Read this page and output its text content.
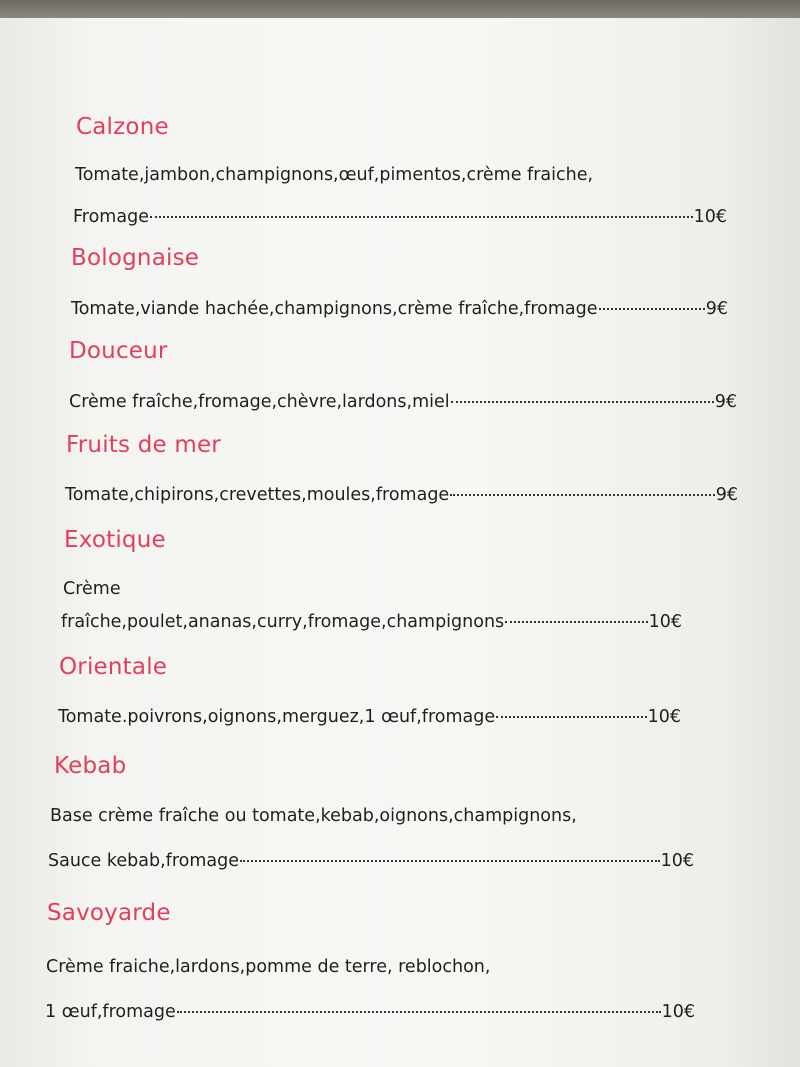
Calzone
Tomate,jambon,champignons,œuf,pimentos,crème fraiche,
Fromage	10€
Bolognaise
Tomate,viande hachée,champignons,crème fraîche,fromage	9€
Douceur
Crème fraîche,fromage,chèvre,lardons,miel	9€
Fruits de mer
Tomate,chipirons,crevettes,moules,fromage	9€
Exotique
Crème
fraîche,poulet,ananas,curry,fromage,champignons	10€
Orientale
Tomate.poivrons,oignons,merguez,1 œuf,fromage	10€
Kebab
Base crème fraîche ou tomate,kebab,oignons,champignons,
Sauce kebab,fromage	10€
Savoyarde
Crème fraiche,lardons,pomme de terre, reblochon,
1 œuf,fromage	10€
